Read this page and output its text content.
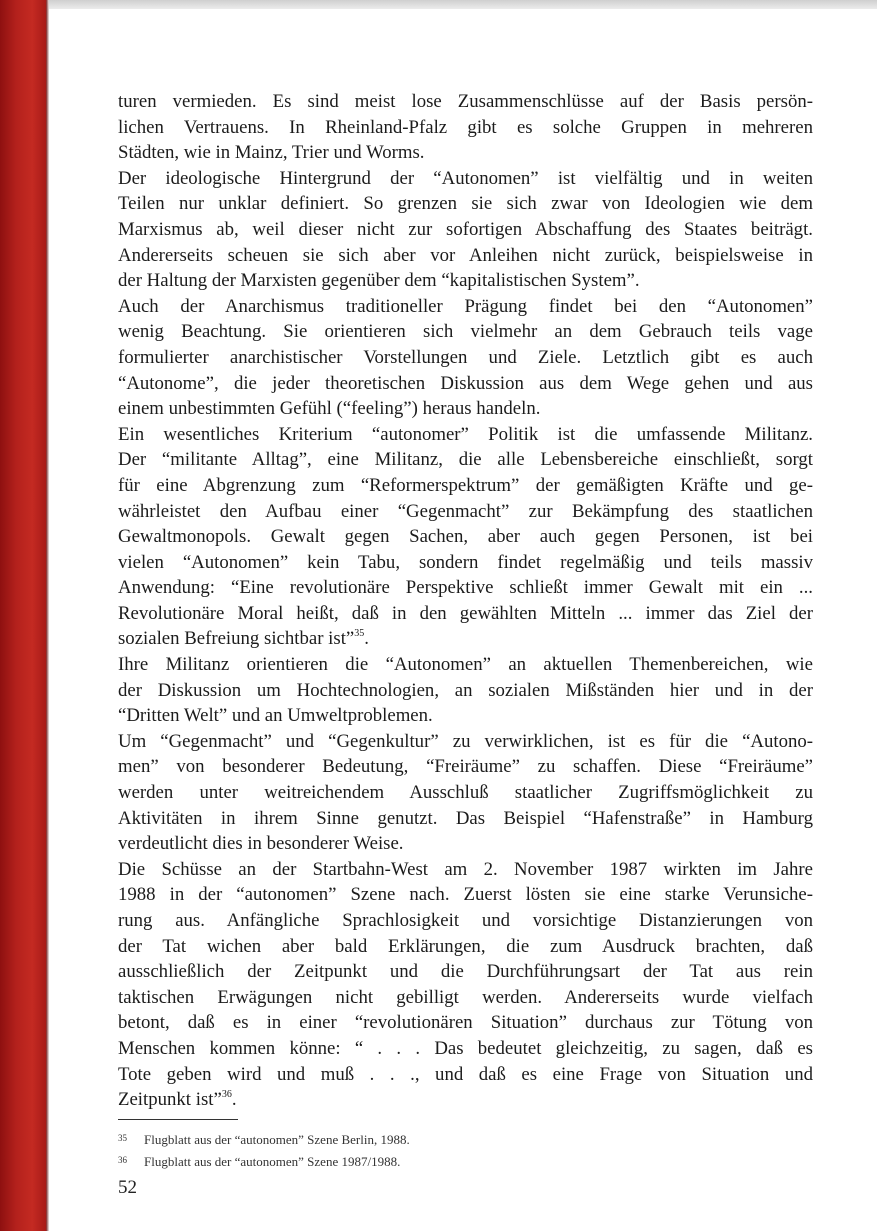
turen vermieden. Es sind meist lose Zusammenschlüsse auf der Basis persön-
lichen Vertrauens. In Rheinland-Pfalz gibt es solche Gruppen in mehreren
Städten, wie in Mainz, Trier und Worms.

Der ideologische Hintergrund der “Autonomen” ist vielfältig und in weiten
Teilen nur unklar definiert. So grenzen sie sich zwar von Ideologien wie dem
Marxismus ab, weil dieser nicht zur sofortigen Abschaffung des Staates beiträgt.
Andererseits scheuen sie sich aber vor Anleihen nicht zurück, beispielsweise in
der Haltung der Marxisten gegenüber dem “kapitalistischen System”.

Auch der Anarchismus traditioneller Prägung findet bei den “Autonomen”
wenig Beachtung. Sie orientieren sich vielmehr an dem Gebrauch teils vage
formulierter anarchistischer Vorstellungen und Ziele. Letztlich gibt es auch
“Autonome”, die jeder theoretischen Diskussion aus dem Wege gehen und aus
einem unbestimmten Gefühl (“feeling”) heraus handeln.

Ein wesentliches Kriterium “autonomer” Politik ist die umfassende Militanz.
Der “militante Alltag”, eine Militanz, die alle Lebensbereiche einschließt, sorgt
für eine Abgrenzung zum “Reformerspektrum” der gemäßigten Kräfte und ge-
währleistet den Aufbau einer “Gegenmacht” zur Bekämpfung des staatlichen
Gewaltmonopols. Gewalt gegen Sachen, aber auch gegen Personen, ist bei
vielen “Autonomen” kein Tabu, sondern findet regelmäßig und teils massiv
Anwendung: “Eine revolutionäre Perspektive schließt immer Gewalt mit ein ...
Revolutionäre Moral heißt, daß in den gewählten Mitteln ... immer das Ziel der
sozialen Befreiung sichtbar ist”$^{35}$.

Ihre Militanz orientieren die “Autonomen” an aktuellen Themenbereichen, wie
der Diskussion um Hochtechnologien, an sozialen Mißständen hier und in der
“Dritten Welt” und an Umweltproblemen.

Um “Gegenmacht” und “Gegenkultur” zu verwirklichen, ist es für die “Autono-
men” von besonderer Bedeutung, “Freiräume” zu schaffen. Diese “Freiräume”
werden unter weitreichendem Ausschluß staatlicher Zugriffsmöglichkeit zu
Aktivitäten in ihrem Sinne genutzt. Das Beispiel “Hafenstraße” in Hamburg
verdeutlicht dies in besonderer Weise.

Die Schüsse an der Startbahn-West am 2. November 1987 wirkten im Jahre
1988 in der “autonomen” Szene nach. Zuerst lösten sie eine starke Verunsiche-
rung aus. Anfängliche Sprachlosigkeit und vorsichtige Distanzierungen von
der Tat wichen aber bald Erklärungen, die zum Ausdruck brachten, daß
ausschließlich der Zeitpunkt und die Durchführungsart der Tat aus rein
taktischen Erwägungen nicht gebilligt werden. Andererseits wurde vielfach
betont, daß es in einer “revolutionären Situation” durchaus zur Tötung von
Menschen kommen könne: “ . . . Das bedeutet gleichzeitig, zu sagen, daß es
Tote geben wird und muß . . ., und daß es eine Frage von Situation und
Zeitpunkt ist”$^{36}$.

35 Flugblatt aus der “autonomen” Szene Berlin, 1988.
36 Flugblatt aus der “autonomen” Szene 1987/1988.
52
